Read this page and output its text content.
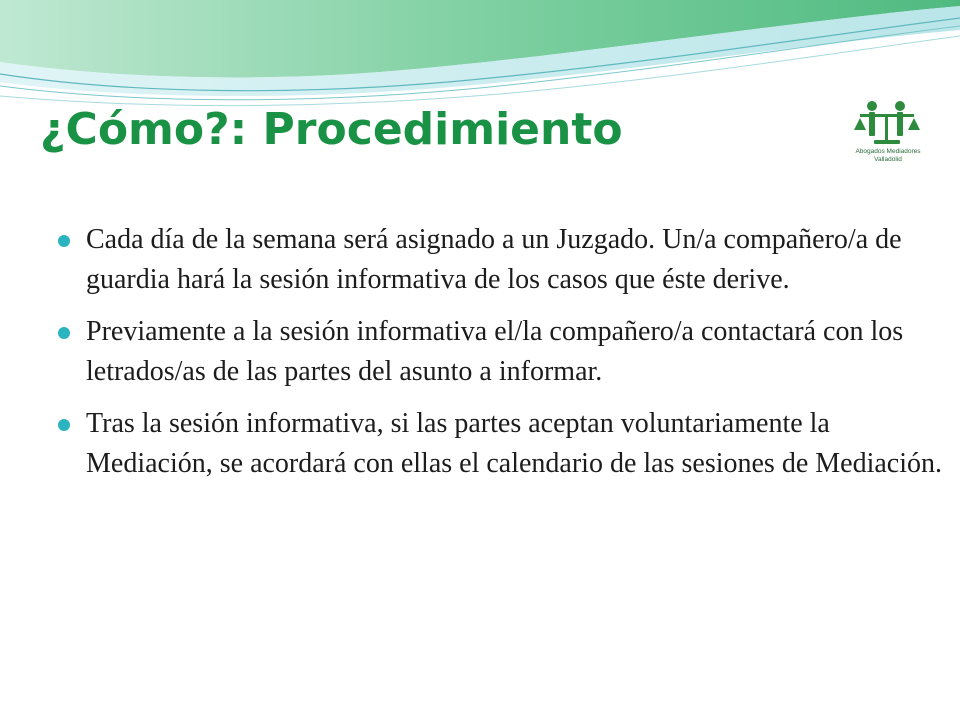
¿Cómo?: Procedimiento	Abogados Mediadores
Valladolid
Cada día de la semana será asignado a un Juzgado. Un/a compañero/a de guardia hará la sesión informativa de los casos que éste derive.
Previamente a la sesión informativa el/la compañero/a contactará con los letrados/as de las partes del asunto a informar.
Tras la sesión informativa, si las partes aceptan voluntariamente la Mediación, se acordará con ellas el calendario de las sesiones de Mediación.
